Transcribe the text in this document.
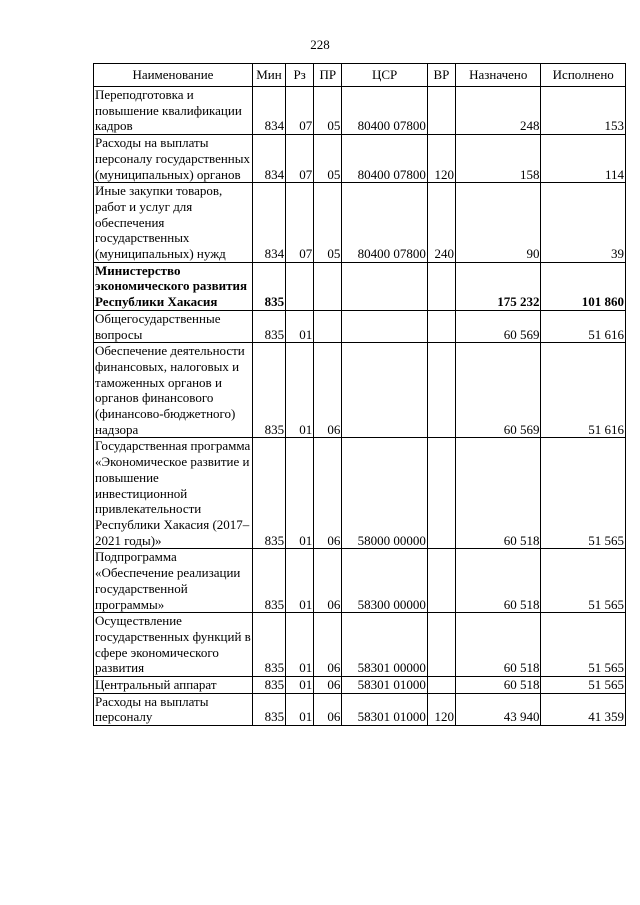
228
Наименование	Мин	Рз	ПР	ЦСР	ВР	Назначено	Исполнено
Переподготовка и повышение квалификации кадров	834	07	05	80400 07800		248	153
Расходы на выплаты персоналу государственных (муниципальных) органов	834	07	05	80400 07800	120	158	114
Иные закупки товаров, работ и услуг для обеспечения государственных (муниципальных) нужд	834	07	05	80400 07800	240	90	39
Министерство экономического развития Республики Хакасия	835					175 232	101 860
Общегосударственные вопросы	835	01				60 569	51 616
Обеспечение деятельности финансовых, налоговых и таможенных органов и органов финансового (финансово-бюджетного) надзора	835	01	06			60 569	51 616
Государственная программа «Экономическое развитие и повышение инвестиционной привлекательности Республики Хакасия (2017–2021 годы)»	835	01	06	58000 00000		60 518	51 565
Подпрограмма «Обеспечение реализации государственной программы»	835	01	06	58300 00000		60 518	51 565
Осуществление государственных функций в сфере экономического развития	835	01	06	58301 00000		60 518	51 565
Центральный аппарат	835	01	06	58301 01000		60 518	51 565
Расходы на выплаты персоналу	835	01	06	58301 01000	120	43 940	41 359
